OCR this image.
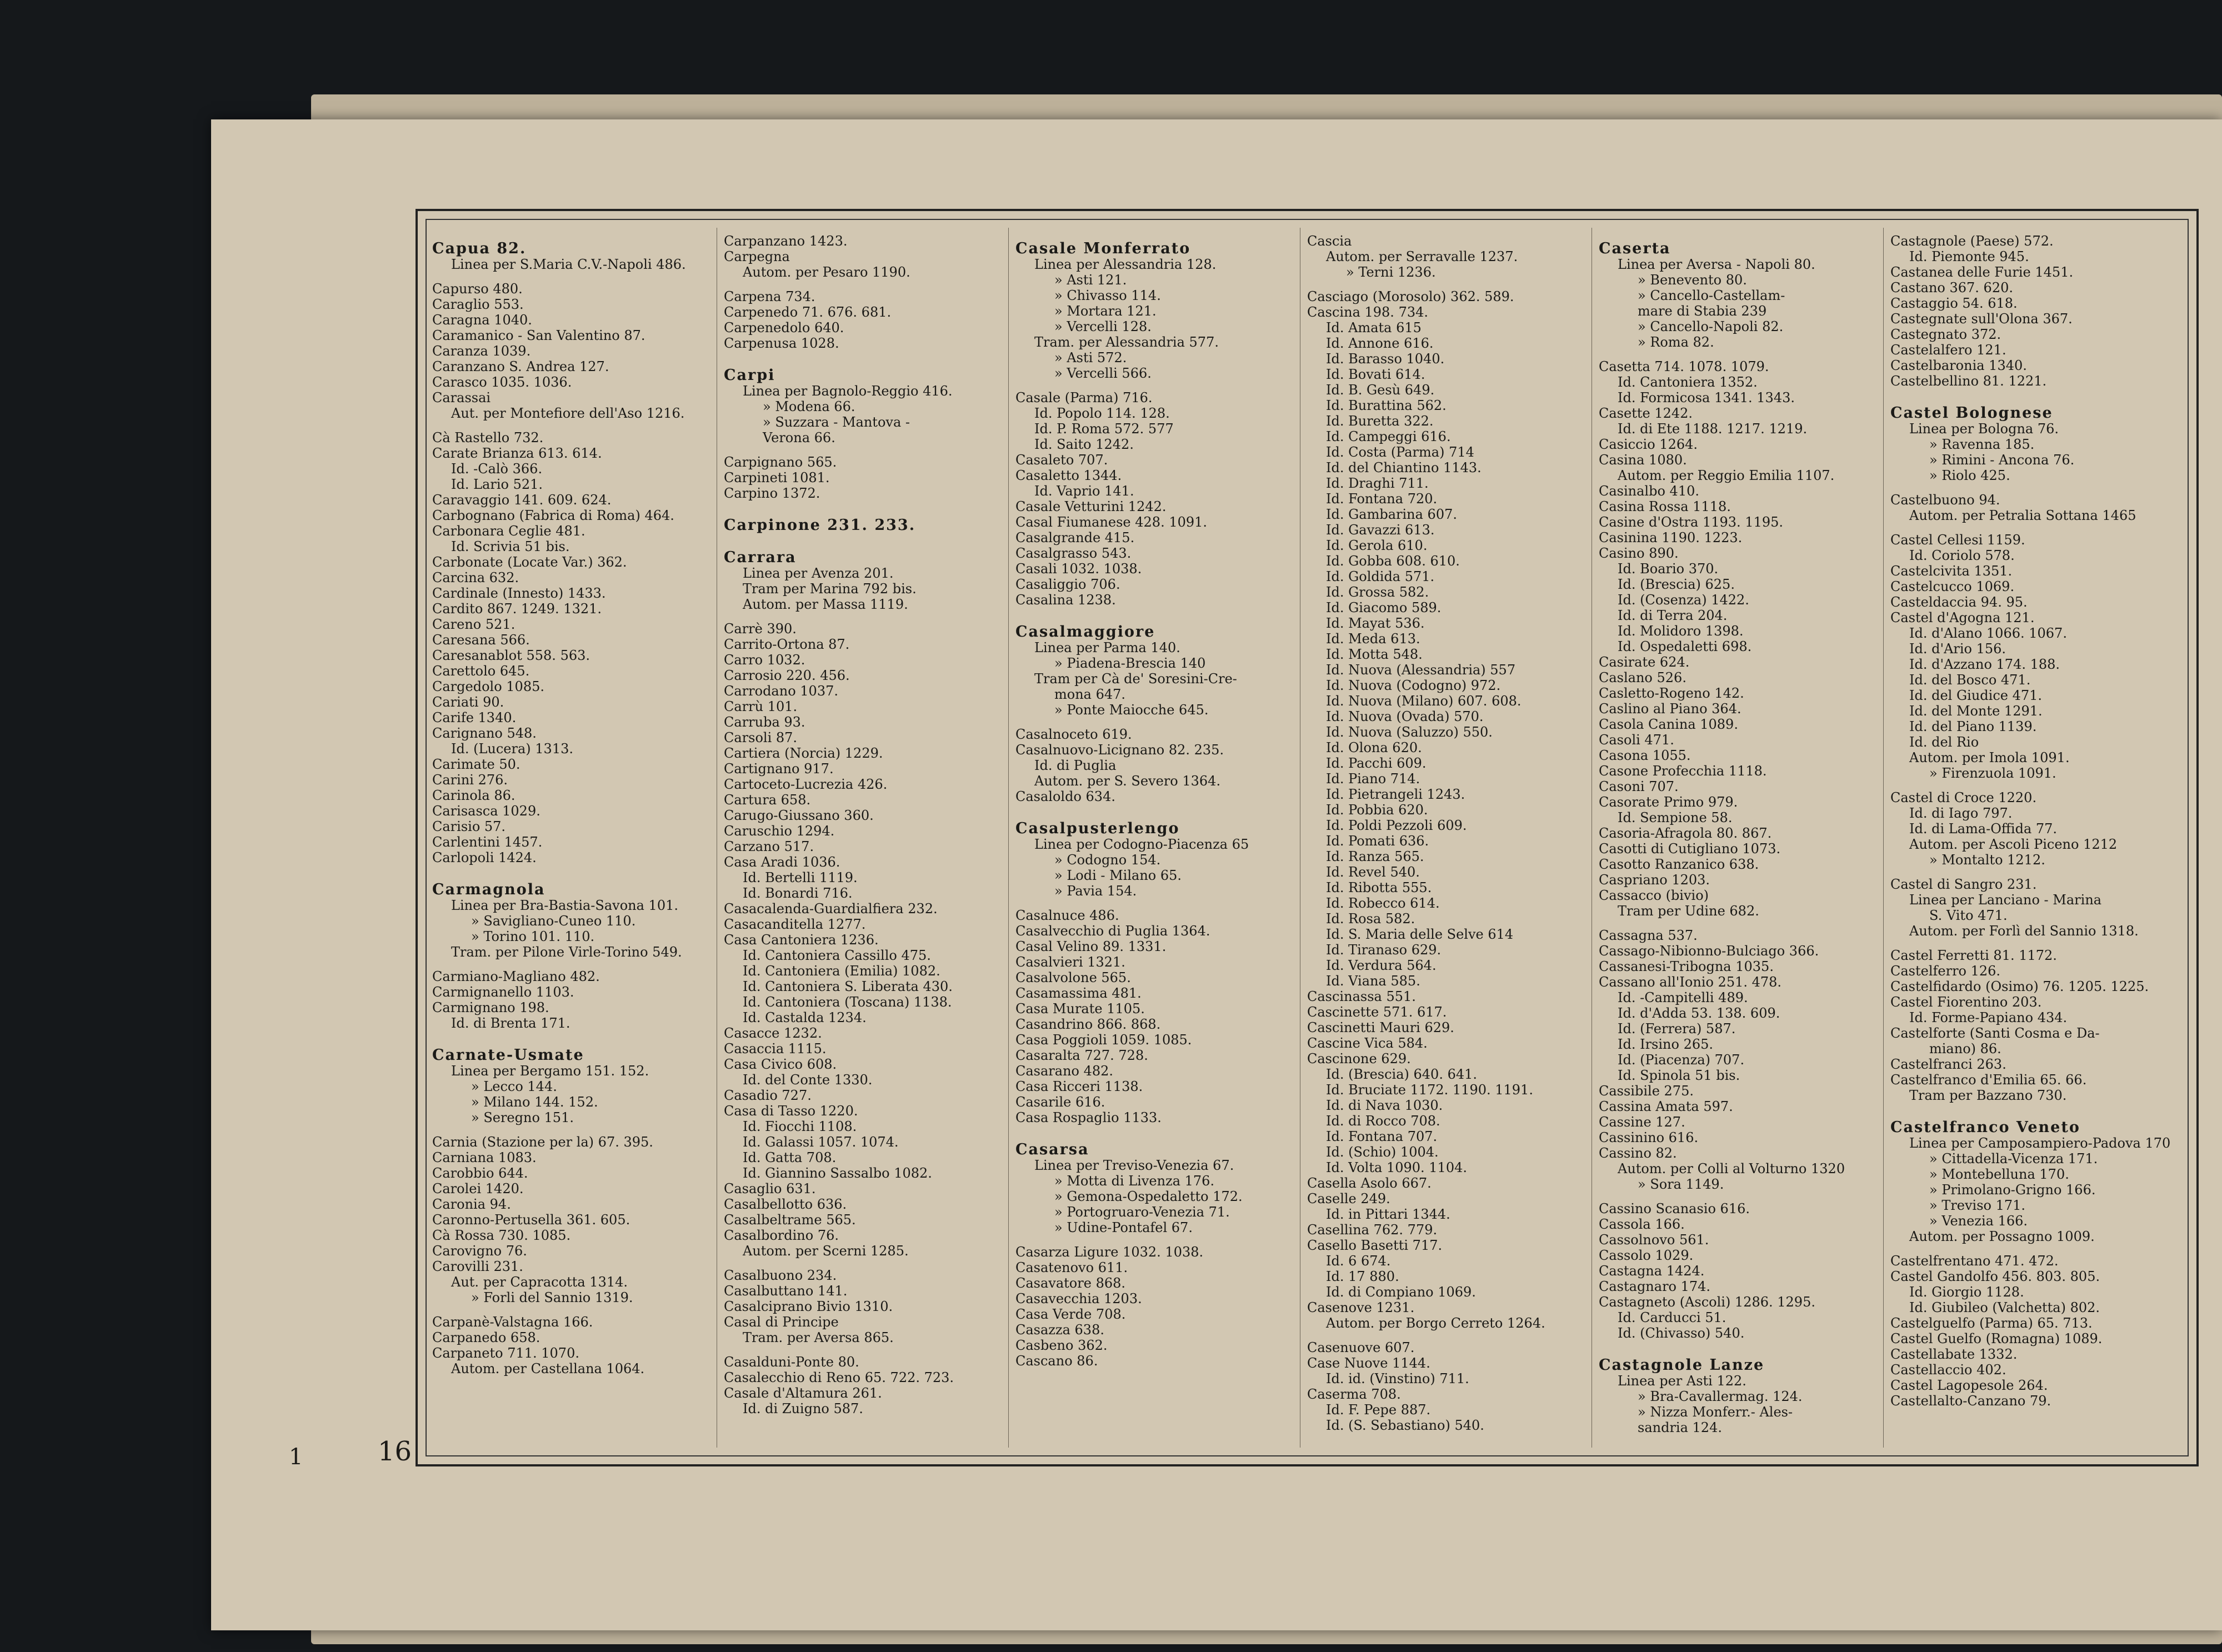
1	16
Capua 82.
Linea per S.Maria C.V.-Napoli 486.
Capurso 480.
Caraglio 553.
Caragna 1040.
Caramanico - San Valentino 87.
Caranza 1039.
Caranzano S. Andrea 127.
Carasco 1035. 1036.
Carassai
Aut. per Montefiore dell'Aso 1216.
Cà Rastello 732.
Carate Brianza 613. 614.
Id. -Calò 366.
Id. Lario 521.
Caravaggio 141. 609. 624.
Carbognano (Fabrica di Roma) 464.
Carbonara Ceglie 481.
Id. Scrivia 51 bis.
Carbonate (Locate Var.) 362.
Carcina 632.
Cardinale (Innesto) 1433.
Cardito 867. 1249. 1321.
Careno 521.
Caresana 566.
Caresanablot 558. 563.
Carettolo 645.
Cargedolo 1085.
Cariati 90.
Carife 1340.
Carignano 548.
Id. (Lucera) 1313.
Carimate 50.
Carini 276.
Carinola 86.
Carisasca 1029.
Carisio 57.
Carlentini 1457.
Carlopoli 1424.
Carmagnola
Linea per Bra-Bastia-Savona 101.
» Savigliano-Cuneo 110.
» Torino 101. 110.
Tram. per Pilone Virle-Torino 549.
Carmiano-Magliano 482.
Carmignanello 1103.
Carmignano 198.
Id. di Brenta 171.
Carnate-Usmate
Linea per Bergamo 151. 152.
» Lecco 144.
» Milano 144. 152.
» Seregno 151.
Carnia (Stazione per la) 67. 395.
Carniana 1083.
Carobbio 644.
Carolei 1420.
Caronia 94.
Caronno-Pertusella 361. 605.
Cà Rossa 730. 1085.
Carovigno 76.
Carovilli 231.
Aut. per Capracotta 1314.
» Forli del Sannio 1319.
Carpanè-Valstagna 166.
Carpanedo 658.
Carpaneto 711. 1070.
Autom. per Castellana 1064.
Carpanzano 1423.
Carpegna
Autom. per Pesaro 1190.
Carpena 734.
Carpenedo 71. 676. 681.
Carpenedolo 640.
Carpenusa 1028.
Carpi
Linea per Bagnolo-Reggio 416.
» Modena 66.
» Suzzara - Mantova -
Verona 66.
Carpignano 565.
Carpineti 1081.
Carpino 1372.
Carpinone 231. 233.
Carrara
Linea per Avenza 201.
Tram per Marina 792 bis.
Autom. per Massa 1119.
Carrè 390.
Carrito-Ortona 87.
Carro 1032.
Carrosio 220. 456.
Carrodano 1037.
Carrù 101.
Carruba 93.
Carsoli 87.
Cartiera (Norcia) 1229.
Cartignano 917.
Cartoceto-Lucrezia 426.
Cartura 658.
Carugo-Giussano 360.
Caruschio 1294.
Carzano 517.
Casa Aradi 1036.
Id. Bertelli 1119.
Id. Bonardi 716.
Casacalenda-Guardialfiera 232.
Casacanditella 1277.
Casa Cantoniera 1236.
Id. Cantoniera Cassillo 475.
Id. Cantoniera (Emilia) 1082.
Id. Cantoniera S. Liberata 430.
Id. Cantoniera (Toscana) 1138.
Id. Castalda 1234.
Casacce 1232.
Casaccia 1115.
Casa Civico 608.
Id. del Conte 1330.
Casadio 727.
Casa di Tasso 1220.
Id. Fiocchi 1108.
Id. Galassi 1057. 1074.
Id. Gatta 708.
Id. Giannino Sassalbo 1082.
Casaglio 631.
Casalbellotto 636.
Casalbeltrame 565.
Casalbordino 76.
Autom. per Scerni 1285.
Casalbuono 234.
Casalbuttano 141.
Casalciprano Bivio 1310.
Casal di Principe
Tram. per Aversa 865.
Casalduni-Ponte 80.
Casalecchio di Reno 65. 722. 723.
Casale d'Altamura 261.
Id. di Zuigno 587.
Casale Monferrato
Linea per Alessandria 128.
» Asti 121.
» Chivasso 114.
» Mortara 121.
» Vercelli 128.
Tram. per Alessandria 577.
» Asti 572.
» Vercelli 566.
Casale (Parma) 716.
Id. Popolo 114. 128.
Id. P. Roma 572. 577
Id. Saito 1242.
Casaleto 707.
Casaletto 1344.
Id. Vaprio 141.
Casale Vetturini 1242.
Casal Fiumanese 428. 1091.
Casalgrande 415.
Casalgrasso 543.
Casali 1032. 1038.
Casaliggio 706.
Casalina 1238.
Casalmaggiore
Linea per Parma 140.
» Piadena-Brescia 140
Tram per Cà de' Soresini-Cre-
mona 647.
» Ponte Maiocche 645.
Casalnoceto 619.
Casalnuovo-Licignano 82. 235.
Id. di Puglia
Autom. per S. Severo 1364.
Casaloldo 634.
Casalpusterlengo
Linea per Codogno-Piacenza 65
» Codogno 154.
» Lodi - Milano 65.
» Pavia 154.
Casalnuce 486.
Casalvecchio di Puglia 1364.
Casal Velino 89. 1331.
Casalvieri 1321.
Casalvolone 565.
Casamassima 481.
Casa Murate 1105.
Casandrino 866. 868.
Casa Poggioli 1059. 1085.
Casaralta 727. 728.
Casarano 482.
Casa Ricceri 1138.
Casarile 616.
Casa Rospaglio 1133.
Casarsa
Linea per Treviso-Venezia 67.
» Motta di Livenza 176.
» Gemona-Ospedaletto 172.
» Portogruaro-Venezia 71.
» Udine-Pontafel 67.
Casarza Ligure 1032. 1038.
Casatenovo 611.
Casavatore 868.
Casavecchia 1203.
Casa Verde 708.
Casazza 638.
Casbeno 362.
Cascano 86.
Cascia
Autom. per Serravalle 1237.
» Terni 1236.
Casciago (Morosolo) 362. 589.
Cascina 198. 734.
Id. Amata 615
Id. Annone 616.
Id. Barasso 1040.
Id. Bovati 614.
Id. B. Gesù 649.
Id. Burattina 562.
Id. Buretta 322.
Id. Campeggi 616.
Id. Costa (Parma) 714
Id. del Chiantino 1143.
Id. Draghi 711.
Id. Fontana 720.
Id. Gambarina 607.
Id. Gavazzi 613.
Id. Gerola 610.
Id. Gobba 608. 610.
Id. Goldida 571.
Id. Grossa 582.
Id. Giacomo 589.
Id. Mayat 536.
Id. Meda 613.
Id. Motta 548.
Id. Nuova (Alessandria) 557
Id. Nuova (Codogno) 972.
Id. Nuova (Milano) 607. 608.
Id. Nuova (Ovada) 570.
Id. Nuova (Saluzzo) 550.
Id. Olona 620.
Id. Pacchi 609.
Id. Piano 714.
Id. Pietrangeli 1243.
Id. Pobbia 620.
Id. Poldi Pezzoli 609.
Id. Pomati 636.
Id. Ranza 565.
Id. Revel 540.
Id. Ribotta 555.
Id. Robecco 614.
Id. Rosa 582.
Id. S. Maria delle Selve 614
Id. Tiranaso 629.
Id. Verdura 564.
Id. Viana 585.
Cascinassa 551.
Cascinette 571. 617.
Cascinetti Mauri 629.
Cascine Vica 584.
Cascinone 629.
Id. (Brescia) 640. 641.
Id. Bruciate 1172. 1190. 1191.
Id. di Nava 1030.
Id. di Rocco 708.
Id. Fontana 707.
Id. (Schio) 1004.
Id. Volta 1090. 1104.
Casella Asolo 667.
Caselle 249.
Id. in Pittari 1344.
Casellina 762. 779.
Casello Basetti 717.
Id. 6 674.
Id. 17 880.
Id. di Compiano 1069.
Casenove 1231.
Autom. per Borgo Cerreto 1264.
Casenuove 607.
Case Nuove 1144.
Id. id. (Vinstino) 711.
Caserma 708.
Id. F. Pepe 887.
Id. (S. Sebastiano) 540.
Caserta
Linea per Aversa - Napoli 80.
» Benevento 80.
» Cancello-Castellam-
mare di Stabia 239
» Cancello-Napoli 82.
» Roma 82.
Casetta 714. 1078. 1079.
Id. Cantoniera 1352.
Id. Formicosa 1341. 1343.
Casette 1242.
Id. di Ete 1188. 1217. 1219.
Casiccio 1264.
Casina 1080.
Autom. per Reggio Emilia 1107.
Casinalbo 410.
Casina Rossa 1118.
Casine d'Ostra 1193. 1195.
Casinina 1190. 1223.
Casino 890.
Id. Boario 370.
Id. (Brescia) 625.
Id. (Cosenza) 1422.
Id. di Terra 204.
Id. Molidoro 1398.
Id. Ospedaletti 698.
Casirate 624.
Caslano 526.
Casletto-Rogeno 142.
Caslino al Piano 364.
Casola Canina 1089.
Casoli 471.
Casona 1055.
Casone Profecchia 1118.
Casoni 707.
Casorate Primo 979.
Id. Sempione 58.
Casoria-Afragola 80. 867.
Casotti di Cutigliano 1073.
Casotto Ranzanico 638.
Caspriano 1203.
Cassacco (bivio)
Tram per Udine 682.
Cassagna 537.
Cassago-Nibionno-Bulciago 366.
Cassanesi-Tribogna 1035.
Cassano all'Ionio 251. 478.
Id. -Campitelli 489.
Id. d'Adda 53. 138. 609.
Id. (Ferrera) 587.
Id. Irsino 265.
Id. (Piacenza) 707.
Id. Spinola 51 bis.
Cassibile 275.
Cassina Amata 597.
Cassine 127.
Cassinino 616.
Cassino 82.
Autom. per Colli al Volturno 1320
» Sora 1149.
Cassino Scanasio 616.
Cassola 166.
Cassolnovo 561.
Cassolo 1029.
Castagna 1424.
Castagnaro 174.
Castagneto (Ascoli) 1286. 1295.
Id. Carducci 51.
Id. (Chivasso) 540.
Castagnole Lanze
Linea per Asti 122.
» Bra-Cavallermag. 124.
» Nizza Monferr.- Ales-
sandria 124.
Castagnole (Paese) 572.
Id. Piemonte 945.
Castanea delle Furie 1451.
Castano 367. 620.
Castaggio 54. 618.
Castegnate sull'Olona 367.
Castegnato 372.
Castelalfero 121.
Castelbaronia 1340.
Castelbellino 81. 1221.
Castel Bolognese
Linea per Bologna 76.
» Ravenna 185.
» Rimini - Ancona 76.
» Riolo 425.
Castelbuono 94.
Autom. per Petralia Sottana 1465
Castel Cellesi 1159.
Id. Coriolo 578.
Castelcivita 1351.
Castelcucco 1069.
Casteldaccia 94. 95.
Castel d'Agogna 121.
Id. d'Alano 1066. 1067.
Id. d'Ario 156.
Id. d'Azzano 174. 188.
Id. del Bosco 471.
Id. del Giudice 471.
Id. del Monte 1291.
Id. del Piano 1139.
Id. del Rio
Autom. per Imola 1091.
» Firenzuola 1091.
Castel di Croce 1220.
Id. di Iago 797.
Id. di Lama-Offida 77.
Autom. per Ascoli Piceno 1212
» Montalto 1212.
Castel di Sangro 231.
Linea per Lanciano - Marina
S. Vito 471.
Autom. per Forlì del Sannio 1318.
Castel Ferretti 81. 1172.
Castelferro 126.
Castelfidardo (Osimo) 76. 1205. 1225.
Castel Fiorentino 203.
Id. Forme-Papiano 434.
Castelforte (Santi Cosma e Da-
miano) 86.
Castelfranci 263.
Castelfranco d'Emilia 65. 66.
Tram per Bazzano 730.
Castelfranco Veneto
Linea per Camposampiero-Padova 170
» Cittadella-Vicenza 171.
» Montebelluna 170.
» Primolano-Grigno 166.
» Treviso 171.
» Venezia 166.
Autom. per Possagno 1009.
Castelfrentano 471. 472.
Castel Gandolfo 456. 803. 805.
Id. Giorgio 1128.
Id. Giubileo (Valchetta) 802.
Castelguelfo (Parma) 65. 713.
Castel Guelfo (Romagna) 1089.
Castellabate 1332.
Castellaccio 402.
Castel Lagopesole 264.
Castellalto-Canzano 79.
